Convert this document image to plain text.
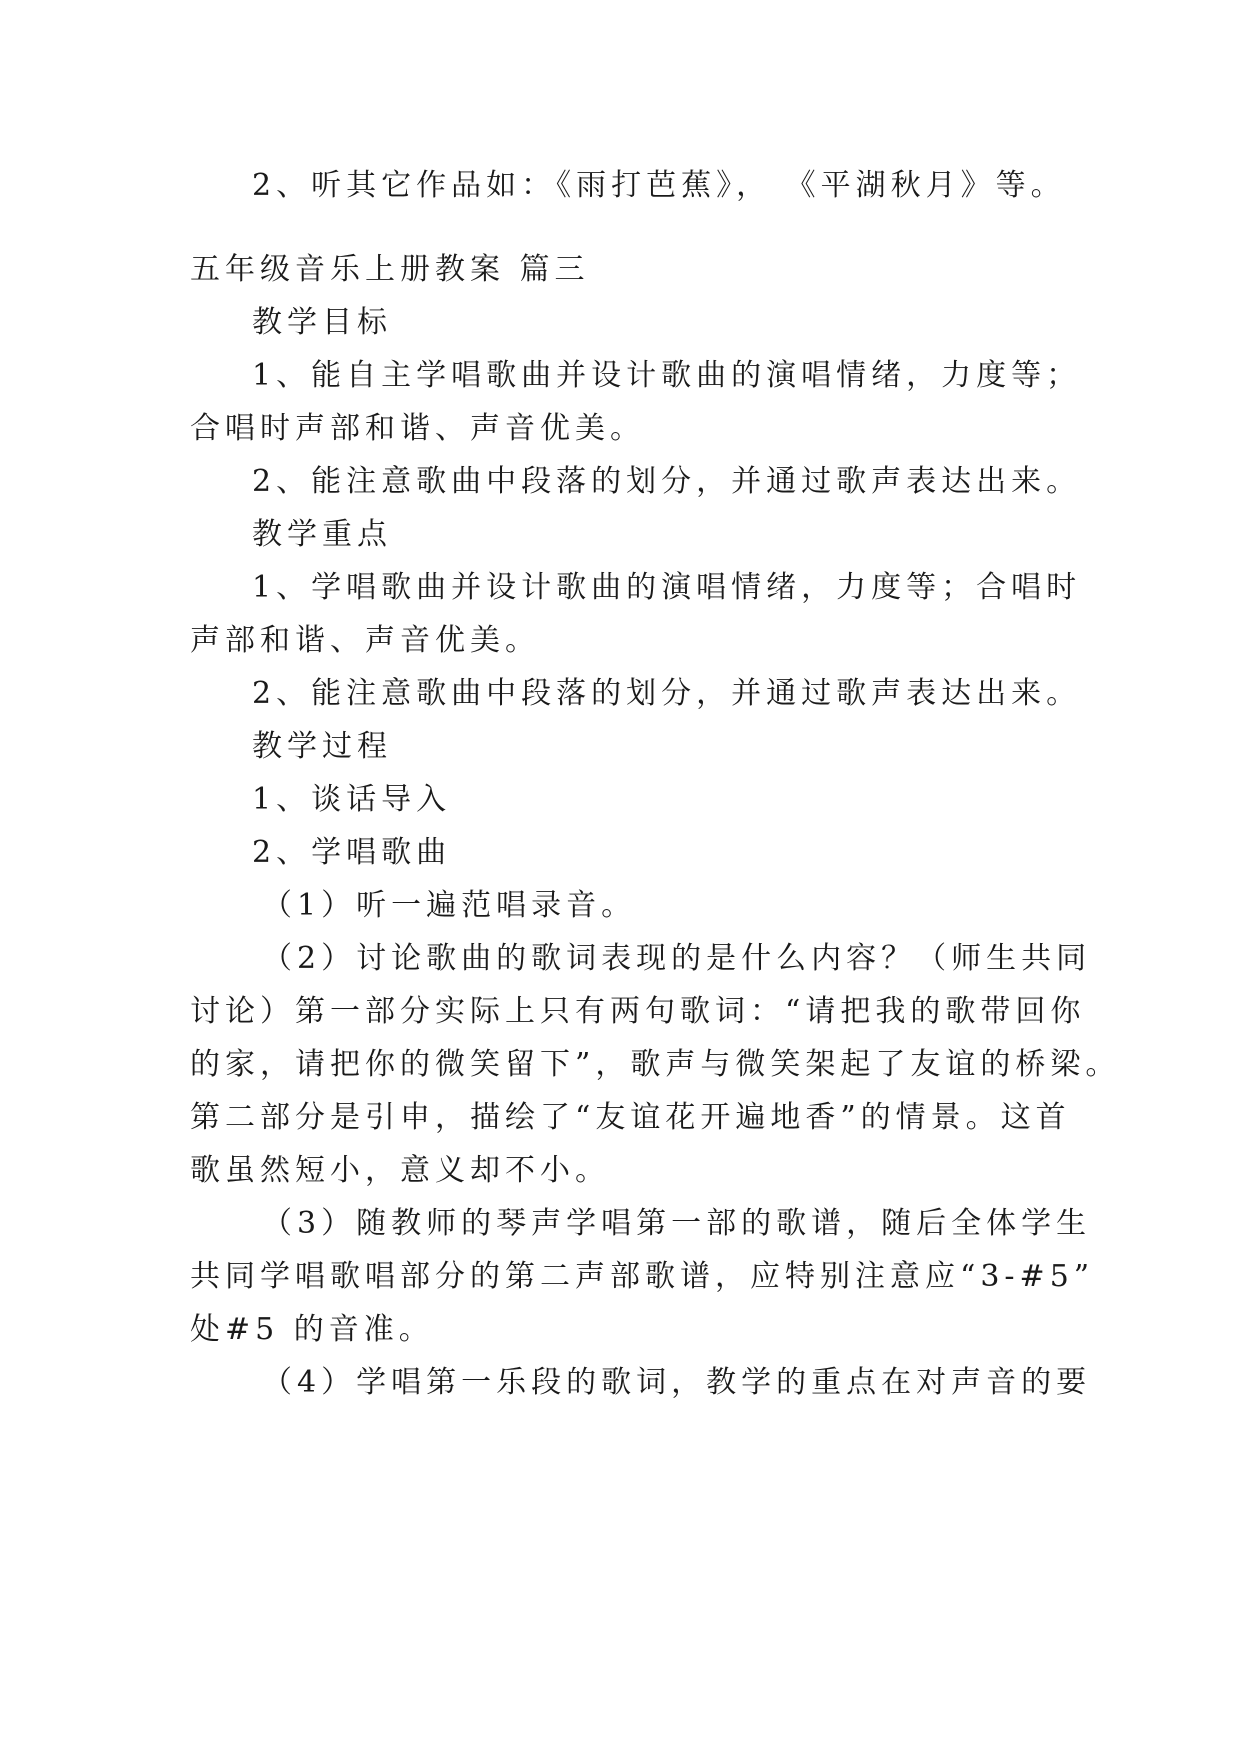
2、听其它作品如：《雨打芭蕉》， 《平湖秋月》等。
五年级音乐上册教案 篇三
教学目标
1、能自主学唱歌曲并设计歌曲的演唱情绪，力度等；
合唱时声部和谐、声音优美。
2、能注意歌曲中段落的划分，并通过歌声表达出来。
教学重点
1、学唱歌曲并设计歌曲的演唱情绪，力度等；合唱时
声部和谐、声音优美。
2、能注意歌曲中段落的划分，并通过歌声表达出来。
教学过程
1、谈话导入
2、学唱歌曲
（1）听一遍范唱录音。
（2）讨论歌曲的歌词表现的是什么内容？（师生共同
讨论）第一部分实际上只有两句歌词：“请把我的歌带回你
的家，请把你的微笑留下”，歌声与微笑架起了友谊的桥梁。
第二部分是引申，描绘了“友谊花开遍地香”的情景。这首
歌虽然短小，意义却不小。
（3）随教师的琴声学唱第一部的歌谱，随后全体学生
共同学唱歌唱部分的第二声部歌谱，应特别注意应“3-#5”
处#5 的音准。
（4）学唱第一乐段的歌词，教学的重点在对声音的要
